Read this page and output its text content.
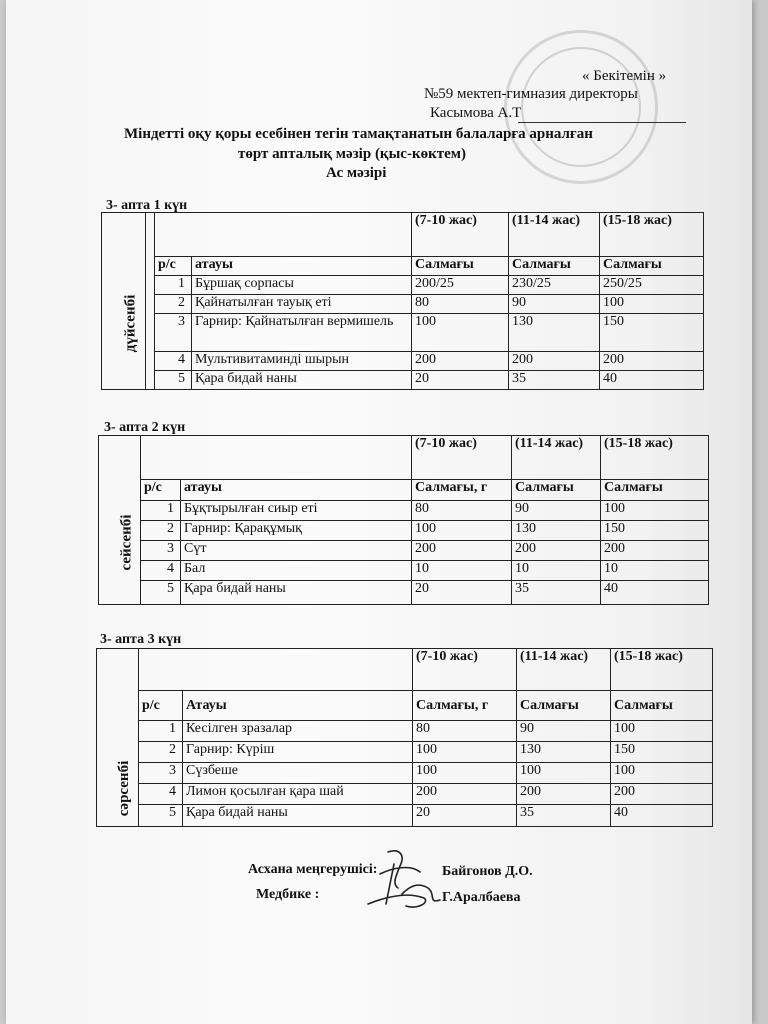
« Бекітемін »
№59 мектеп-гимназия директоры
Касымова А.Т
Міндетті оқу қоры есебінен тегін тамақтанатын балаларға арналған
төрт апталық мәзір (қыс-көктем)
Ас мәзірі
3- апта 1 күн
дүйсенбі				(7-10 жас)	(11-14 жас)	(15-18 жас)
		р/с	атауы	Салмағы	Салмағы	Салмағы
		1	Бұршақ сорпасы	200/25	230/25	250/25
		2	Қайнатылған тауық еті	80	90	100
		3	Гарнир: Қайнатылған вермишель	100	130	150
		4	Мультивитаминді шырын	200	200	200
		5	Қара бидай наны	20	35	40
3- апта 2 күн
сейсенбі			(7-10 жас)	(11-14 жас)	(15-18 жас)
	р/с	атауы	Салмағы, г	Салмағы	Салмағы
	1	Бұқтырылған сиыр еті	80	90	100
	2	Гарнир: Қарақұмық	100	130	150
	3	Сүт	200	200	200
	4	Бал	10	10	10
	5	Қара бидай наны	20	35	40
3- апта 3 күн
сәрсенбі			(7-10 жас)	(11-14 жас)	(15-18 жас)
	р/с	Атауы	Салмағы, г	Салмағы	Салмағы
	1	Кесілген зразалар	80	90	100
	2	Гарнир: Күріш	100	130	150
	3	Сүзбеше	100	100	100
	4	Лимон қосылған қара шай	200	200	200
	5	Қара бидай наны	20	35	40
Асхана меңгерушісі:	Байгонов Д.О.
Медбике :	Г.Аралбаева
